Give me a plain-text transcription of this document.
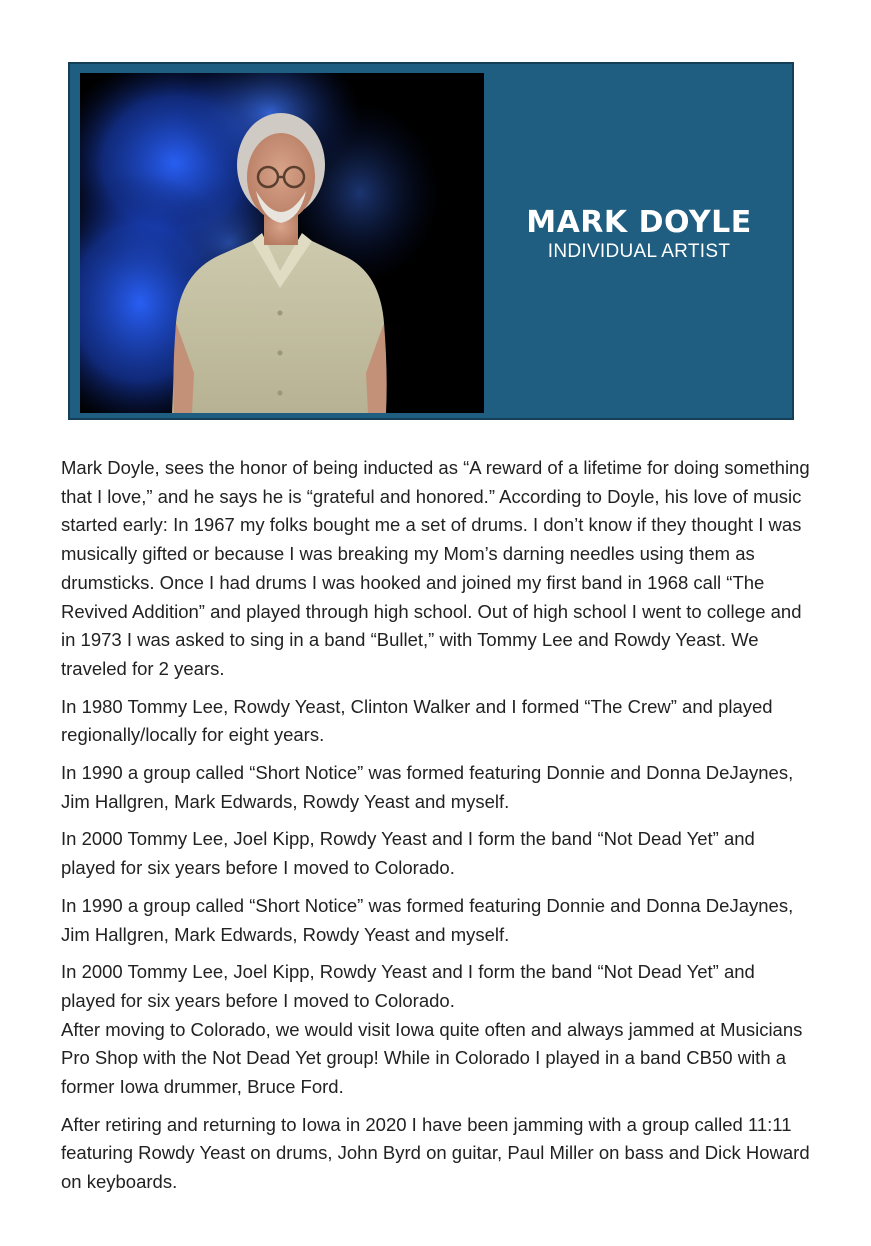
MARK DOYLE
INDIVIDUAL ARTIST

Mark Doyle, sees the honor of being inducted as “A reward of a lifetime for doing something that I love,” and he says he is “grateful and honored.” According to Doyle, his love of music started early: In 1967 my folks bought me a set of drums. I don’t know if they thought I was musically gifted or because I was breaking my Mom’s darning needles using them as drumsticks. Once I had drums I was hooked and joined my first band in 1968 call “The Revived Addition” and played through high school. Out of high school I went to college and in 1973 I was asked to sing in a band “Bullet,” with Tommy Lee and Rowdy Yeast. We traveled for 2 years.

In 1980 Tommy Lee, Rowdy Yeast, Clinton Walker and I formed “The Crew” and played regionally/locally for eight years.

In 1990 a group called “Short Notice” was formed featuring Donnie and Donna DeJaynes, Jim Hallgren, Mark Edwards, Rowdy Yeast and myself.

In 2000 Tommy Lee, Joel Kipp, Rowdy Yeast and I form the band “Not Dead Yet” and played for six years before I moved to Colorado.

In 1990 a group called “Short Notice” was formed featuring Donnie and Donna DeJaynes, Jim Hallgren, Mark Edwards, Rowdy Yeast and myself.

In 2000 Tommy Lee, Joel Kipp, Rowdy Yeast and I form the band “Not Dead Yet” and played for six years before I moved to Colorado.

After moving to Colorado, we would visit Iowa quite often and always jammed at Musicians Pro Shop with the Not Dead Yet group! While in Colorado I played in a band CB50 with a former Iowa drummer, Bruce Ford.

After retiring and returning to Iowa in 2020 I have been jamming with a group called 11:11 featuring Rowdy Yeast on drums, John Byrd on guitar, Paul Miller on bass and Dick Howard on keyboards.
